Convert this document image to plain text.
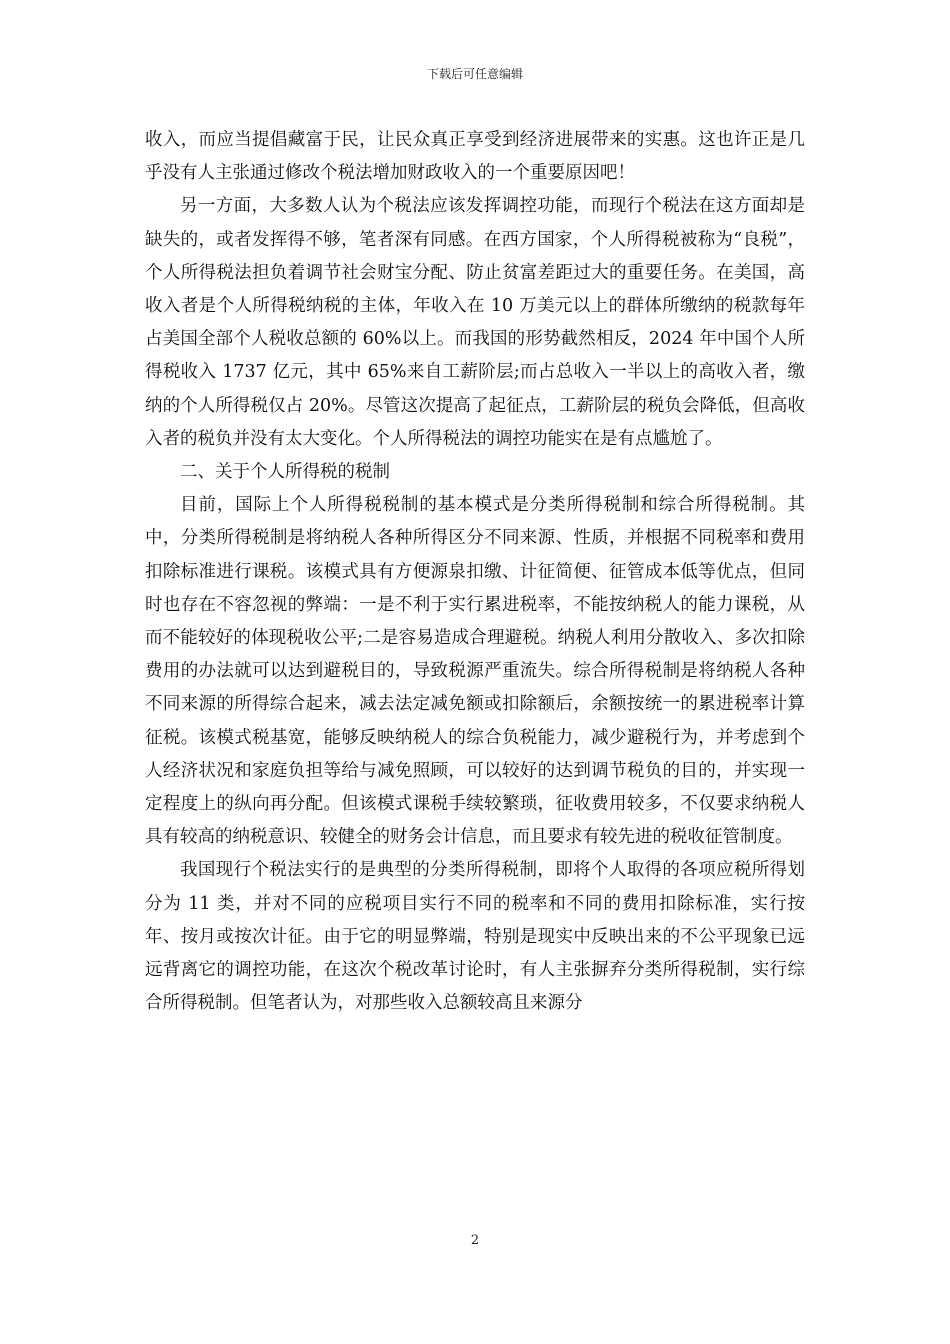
下载后可任意编辑

收入，而应当提倡藏富于民，让民众真正享受到经济进展带来的实惠。这也许正是几乎没有人主张通过修改个税法增加财政收入的一个重要原因吧！

另一方面，大多数人认为个税法应该发挥调控功能，而现行个税法在这方面却是缺失的，或者发挥得不够，笔者深有同感。在西方国家，个人所得税被称为“良税”，个人所得税法担负着调节社会财宝分配、防止贫富差距过大的重要任务。在美国，高收入者是个人所得税纳税的主体，年收入在 10 万美元以上的群体所缴纳的税款每年占美国全部个人税收总额的 60%以上。而我国的形势截然相反，2024 年中国个人所得税收入 1737 亿元，其中 65%来自工薪阶层;而占总收入一半以上的高收入者，缴纳的个人所得税仅占 20%。尽管这次提高了起征点，工薪阶层的税负会降低，但高收入者的税负并没有太大变化。个人所得税法的调控功能实在是有点尴尬了。

二、关于个人所得税的税制

目前，国际上个人所得税税制的基本模式是分类所得税制和综合所得税制。其中，分类所得税制是将纳税人各种所得区分不同来源、性质，并根据不同税率和费用扣除标准进行课税。该模式具有方便源泉扣缴、计征简便、征管成本低等优点，但同时也存在不容忽视的弊端：一是不利于实行累进税率，不能按纳税人的能力课税，从而不能较好的体现税收公平;二是容易造成合理避税。纳税人利用分散收入、多次扣除费用的办法就可以达到避税目的，导致税源严重流失。综合所得税制是将纳税人各种不同来源的所得综合起来，减去法定减免额或扣除额后，余额按统一的累进税率计算征税。该模式税基宽，能够反映纳税人的综合负税能力，减少避税行为，并考虑到个人经济状况和家庭负担等给与减免照顾，可以较好的达到调节税负的目的，并实现一定程度上的纵向再分配。但该模式课税手续较繁琐，征收费用较多，不仅要求纳税人具有较高的纳税意识、较健全的财务会计信息，而且要求有较先进的税收征管制度。

我国现行个税法实行的是典型的分类所得税制，即将个人取得的各项应税所得划分为 11 类，并对不同的应税项目实行不同的税率和不同的费用扣除标准，实行按年、按月或按次计征。由于它的明显弊端，特别是现实中反映出来的不公平现象已远远背离它的调控功能，在这次个税改革讨论时，有人主张摒弃分类所得税制，实行综合所得税制。但笔者认为，对那些收入总额较高且来源分

2
